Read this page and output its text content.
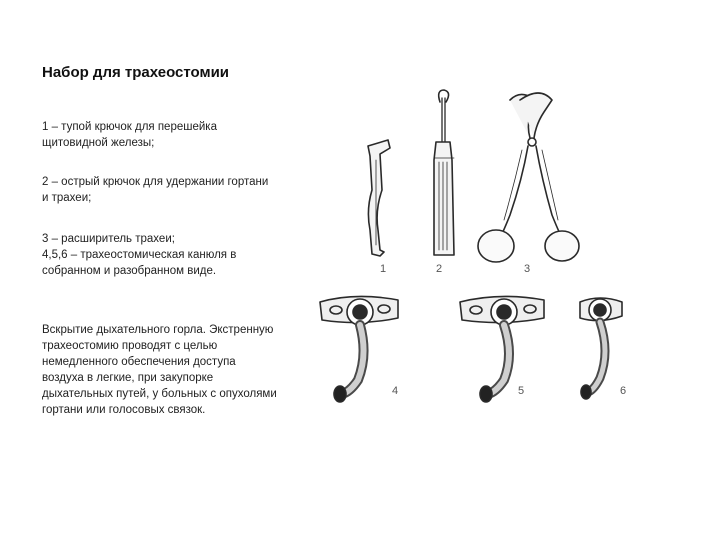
Набор для трахеостомии

1 – тупой крючок для перешейка щитовидной железы;

2 – острый крючок для удержании гортани и трахеи;

3 – расширитель трахеи;
4,5,6 – трахеостомическая канюля в собранном и разобранном виде.

Вскрытие дыхательного горла. Экстренную трахеостомию проводят с целью немедленного обеспечения доступа воздуха в легкие, при закупорке дыхательных путей, у больных с опухолями гортани или голосовых связок.

1	2	3
4	5	6
